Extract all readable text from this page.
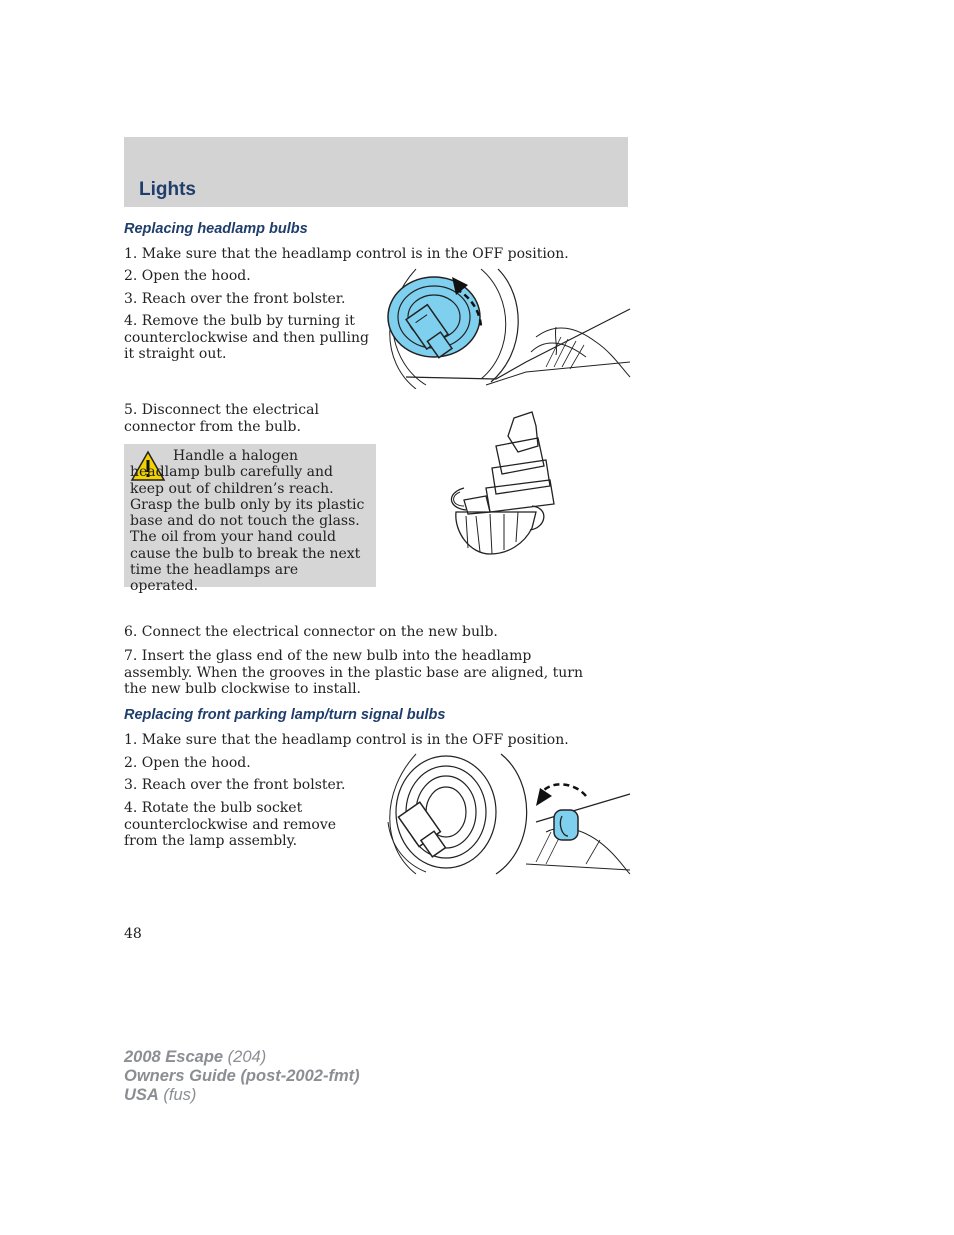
Lights
Replacing headlamp bulbs
1. Make sure that the headlamp control is in the OFF position.
2. Open the hood.
3. Reach over the front bolster.
4. Remove the bulb by turning it counterclockwise and then pulling it straight out.
5. Disconnect the electrical connector from the bulb.
Handle a halogen headlamp bulb carefully and keep out of children’s reach. Grasp the bulb only by its plastic base and do not touch the glass. The oil from your hand could cause the bulb to break the next time the headlamps are operated.
6. Connect the electrical connector on the new bulb.
7. Insert the glass end of the new bulb into the headlamp assembly. When the grooves in the plastic base are aligned, turn the new bulb clockwise to install.
Replacing front parking lamp/turn signal bulbs
1. Make sure that the headlamp control is in the OFF position.
2. Open the hood.
3. Reach over the front bolster.
4. Rotate the bulb socket counterclockwise and remove from the lamp assembly.
48
2008 Escape (204)
Owners Guide (post-2002-fmt)
USA (fus)
